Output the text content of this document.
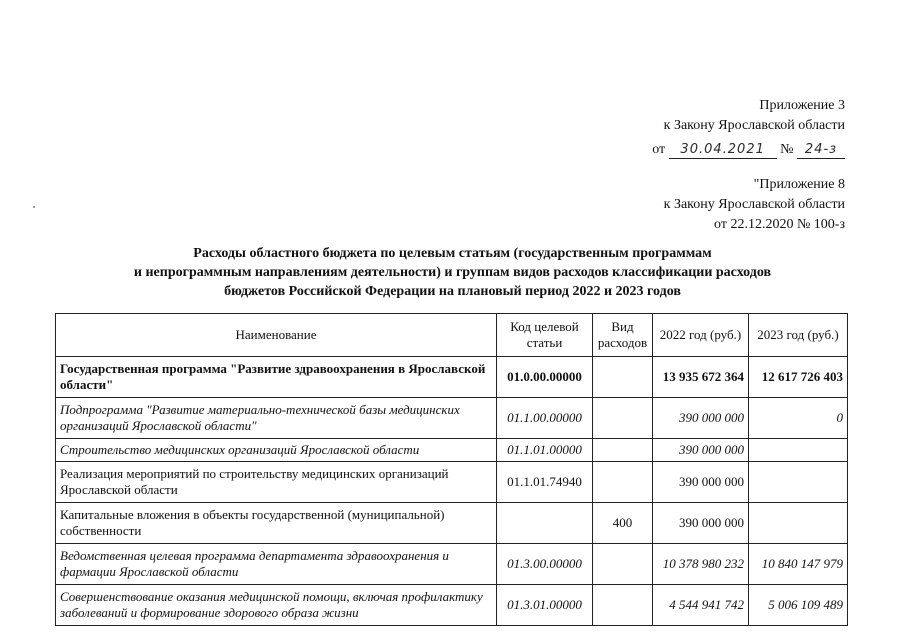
Приложение 3
к Закону Ярославской области
от 30.04.2021 № 24-з
"Приложение 8
к Закону Ярославской области
от 22.12.2020 № 100-з
Расходы областного бюджета по целевым статьям (государственным программам
и непрограммным направлениям деятельности) и группам видов расходов классификации расходов
бюджетов Российской Федерации на плановый период 2022 и 2023 годов
Наименование	Код целевой статьи	Вид расходов	2022 год (руб.)	2023 год (руб.)
Государственная программа "Развитие здравоохранения в Ярославской области"	01.0.00.00000		13 935 672 364	12 617 726 403
Подпрограмма "Развитие материально-технической базы медицинских организаций Ярославской области"	01.1.00.00000		390 000 000	0
Строительство медицинских организаций Ярославской области	01.1.01.00000		390 000 000	
Реализация мероприятий по строительству медицинских организаций Ярославской области	01.1.01.74940		390 000 000	
Капитальные вложения в объекты государственной (муниципальной) собственности		400	390 000 000	
Ведомственная целевая программа департамента здравоохранения и фармации Ярославской области	01.3.00.00000		10 378 980 232	10 840 147 979
Совершенствование оказания медицинской помощи, включая профилактику заболеваний и формирование здорового образа жизни	01.3.01.00000		4 544 941 742	5 006 109 489
